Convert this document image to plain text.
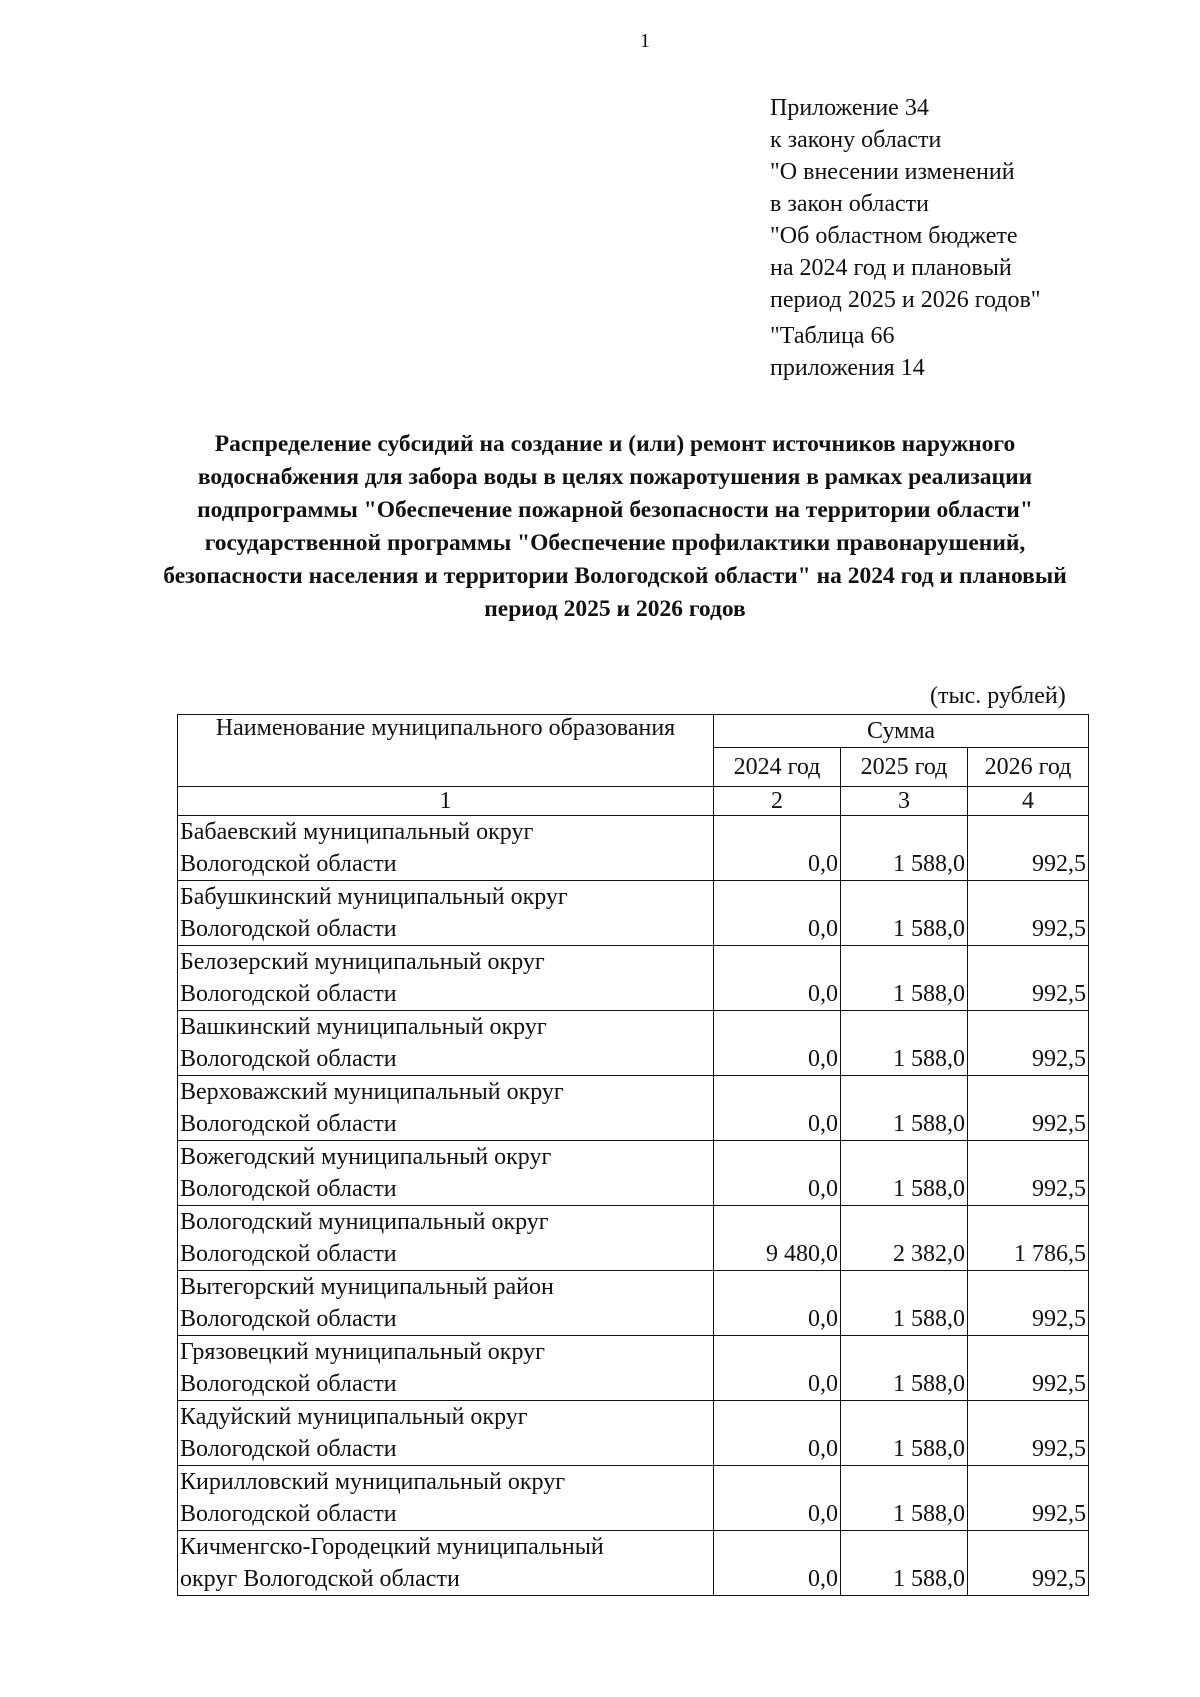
1
Приложение 34
к закону области
"О внесении изменений
в закон области
"Об областном бюджете
на 2024 год и плановый
период 2025 и 2026 годов"
"Таблица 66
приложения 14
Распределение субсидий на создание и (или) ремонт источников наружного водоснабжения для забора воды в целях пожаротушения в рамках реализации подпрограммы "Обеспечение пожарной безопасности на территории области" государственной программы "Обеспечение профилактики правонарушений, безопасности населения и территории Вологодской области" на 2024 год и плановый период 2025 и 2026 годов
(тыс. рублей)
Наименование муниципального образования	Сумма		
	2024 год	2025 год	2026 год
1	2	3	4
Бабаевский муниципальный округ
Вологодской области	0,0	1 588,0	992,5
Бабушкинский муниципальный округ
Вологодской области	0,0	1 588,0	992,5
Белозерский муниципальный округ
Вологодской области	0,0	1 588,0	992,5
Вашкинский муниципальный округ
Вологодской области	0,0	1 588,0	992,5
Верховажский муниципальный округ
Вологодской области	0,0	1 588,0	992,5
Вожегодский муниципальный округ
Вологодской области	0,0	1 588,0	992,5
Вологодский муниципальный округ
Вологодской области	9 480,0	2 382,0	1 786,5
Вытегорский муниципальный район
Вологодской области	0,0	1 588,0	992,5
Грязовецкий муниципальный округ
Вологодской области	0,0	1 588,0	992,5
Кадуйский муниципальный округ
Вологодской области	0,0	1 588,0	992,5
Кирилловский муниципальный округ
Вологодской области	0,0	1 588,0	992,5
Кичменгско-Городецкий муниципальный
округ Вологодской области	0,0	1 588,0	992,5
